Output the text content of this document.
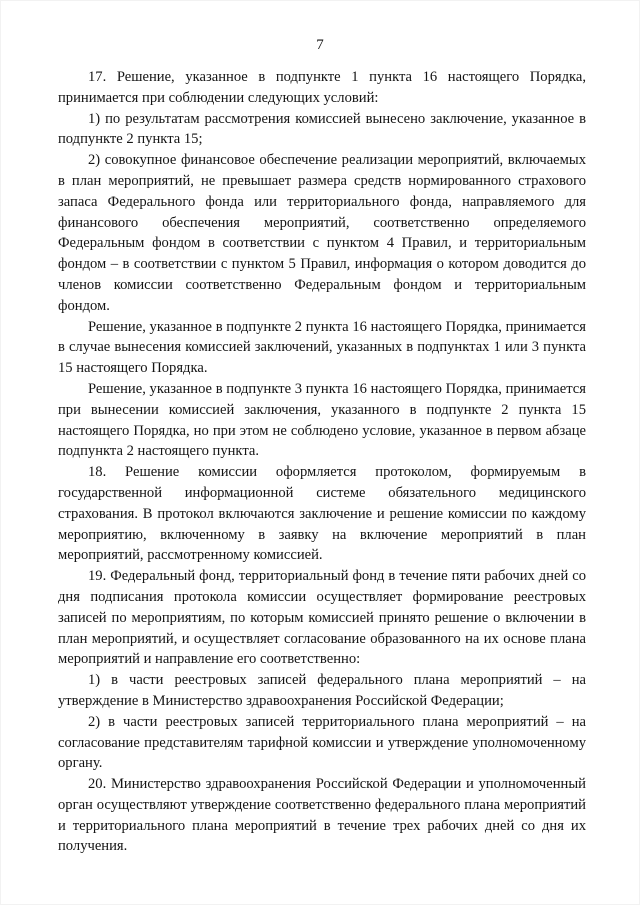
7

17. Решение, указанное в подпункте 1 пункта 16 настоящего Порядка, принимается при соблюдении следующих условий:

1) по результатам рассмотрения комиссией вынесено заключение, указанное в подпункте 2 пункта 15;

2) совокупное финансовое обеспечение реализации мероприятий, включаемых в план мероприятий, не превышает размера средств нормированного страхового запаса Федерального фонда или территориального фонда, направляемого для финансового обеспечения мероприятий, соответственно определяемого Федеральным фондом в соответствии с пунктом 4 Правил, и территориальным фондом – в соответствии с пунктом 5 Правил, информация о котором доводится до членов комиссии соответственно Федеральным фондом и территориальным фондом.

Решение, указанное в подпункте 2 пункта 16 настоящего Порядка, принимается в случае вынесения комиссией заключений, указанных в подпунктах 1 или 3 пункта 15 настоящего Порядка.

Решение, указанное в подпункте 3 пункта 16 настоящего Порядка, принимается при вынесении комиссией заключения, указанного в подпункте 2 пункта 15 настоящего Порядка, но при этом не соблюдено условие, указанное в первом абзаце подпункта 2 настоящего пункта.

18. Решение комиссии оформляется протоколом, формируемым в государственной информационной системе обязательного медицинского страхования. В протокол включаются заключение и решение комиссии по каждому мероприятию, включенному в заявку на включение мероприятий в план мероприятий, рассмотренному комиссией.

19. Федеральный фонд, территориальный фонд в течение пяти рабочих дней со дня подписания протокола комиссии осуществляет формирование реестровых записей по мероприятиям, по которым комиссией принято решение о включении в план мероприятий, и осуществляет согласование образованного на их основе плана мероприятий и направление его соответственно:

1) в части реестровых записей федерального плана мероприятий – на утверждение в Министерство здравоохранения Российской Федерации;

2) в части реестровых записей территориального плана мероприятий – на согласование представителям тарифной комиссии и утверждение уполномоченному органу.

20. Министерство здравоохранения Российской Федерации и уполномоченный орган осуществляют утверждение соответственно федерального плана мероприятий и территориального плана мероприятий в течение трех рабочих дней со дня их получения.
